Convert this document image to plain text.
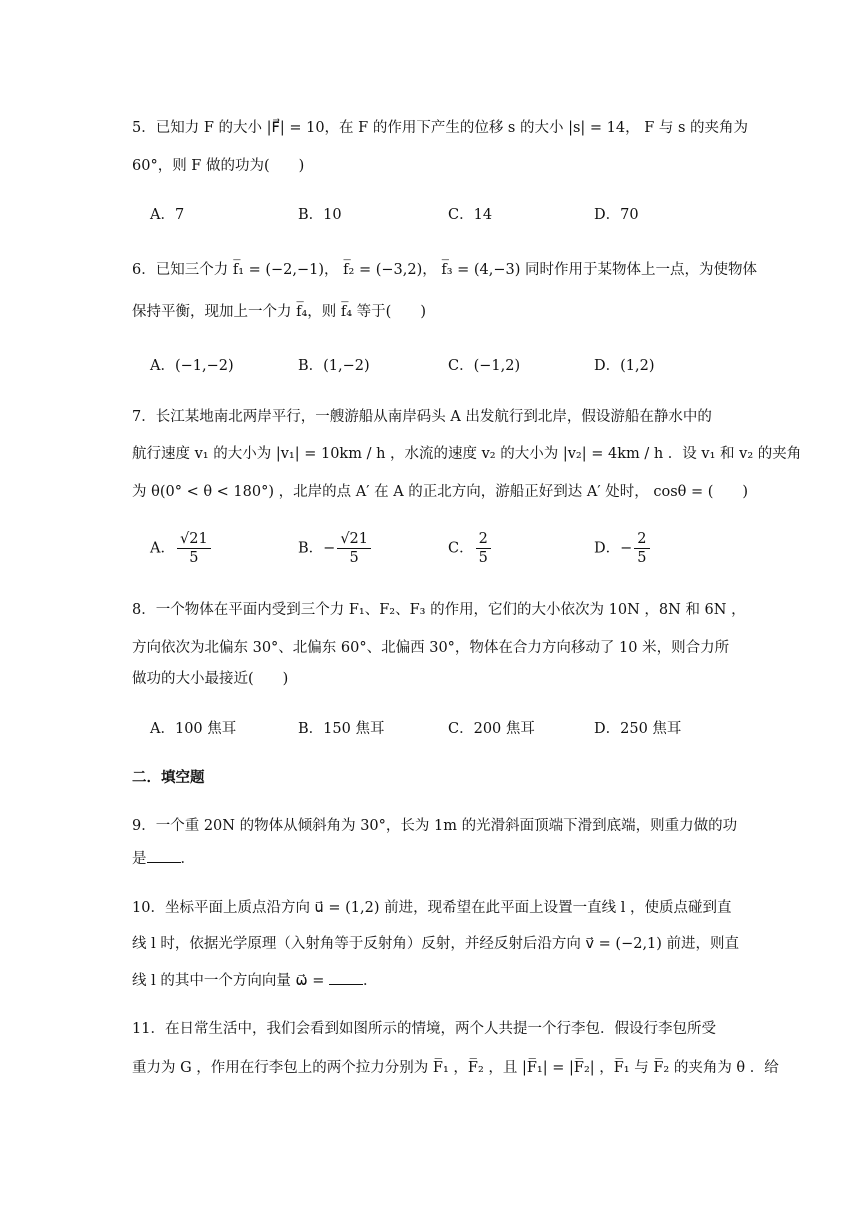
5．已知力 F 的大小 |F⃗| = 10，在 F 的作用下产生的位移 s 的大小 |s| = 14， F 与 s 的夹角为
60°，则 F 做的功为(　　)
A．7	B．10	C．14	D．70
6．已知三个力 f̅₁ = (−2,−1)， f̅₂ = (−3,2)， f̅₃ = (4,−3) 同时作用于某物体上一点，为使物体
保持平衡，现加上一个力 f̅₄，则 f̅₄ 等于(　　)
A．(−1,−2)	B．(1,−2)	C．(−1,2)	D．(1,2)
7．长江某地南北两岸平行，一艘游船从南岸码头 A 出发航行到北岸，假设游船在静水中的
航行速度 v₁ 的大小为 |v₁| = 10km / h ，水流的速度 v₂ 的大小为 |v₂| = 4km / h ．设 v₁ 和 v₂ 的夹角
为 θ(0° < θ < 180°) ，北岸的点 A′ 在 A 的正北方向，游船正好到达 A′ 处时， cosθ = (　　)
A． $\frac{√21}{5}$	B．− $\frac{√21}{5}$	C． $\frac{2}{5}$	D．− $\frac{2}{5}$
8．一个物体在平面内受到三个力 F₁、F₂、F₃ 的作用，它们的大小依次为 10N ，8N 和 6N ，
方向依次为北偏东 30°、北偏东 60°、北偏西 30°，物体在合力方向移动了 10 米，则合力所
做功的大小最接近(　　)
A．100 焦耳	B．150 焦耳	C．200 焦耳	D．250 焦耳
二．填空题
9．一个重 20N 的物体从倾斜角为 30°，长为 1m 的光滑斜面顶端下滑到底端，则重力做的功
是 ．
10．坐标平面上质点沿方向 u⃗ = (1,2) 前进，现希望在此平面上设置一直线 l ，使质点碰到直
线 l 时，依据光学原理（入射角等于反射角）反射，并经反射后沿方向 v⃗ = (−2,1) 前进，则直
线 l 的其中一个方向向量 ω⃗ = ．
11．在日常生活中，我们会看到如图所示的情境，两个人共提一个行李包．假设行李包所受
重力为 G ，作用在行李包上的两个拉力分别为 F̅₁ ，F̅₂ ，且 |F̅₁| = |F̅₂| ，F̅₁ 与 F̅₂ 的夹角为 θ ．给
